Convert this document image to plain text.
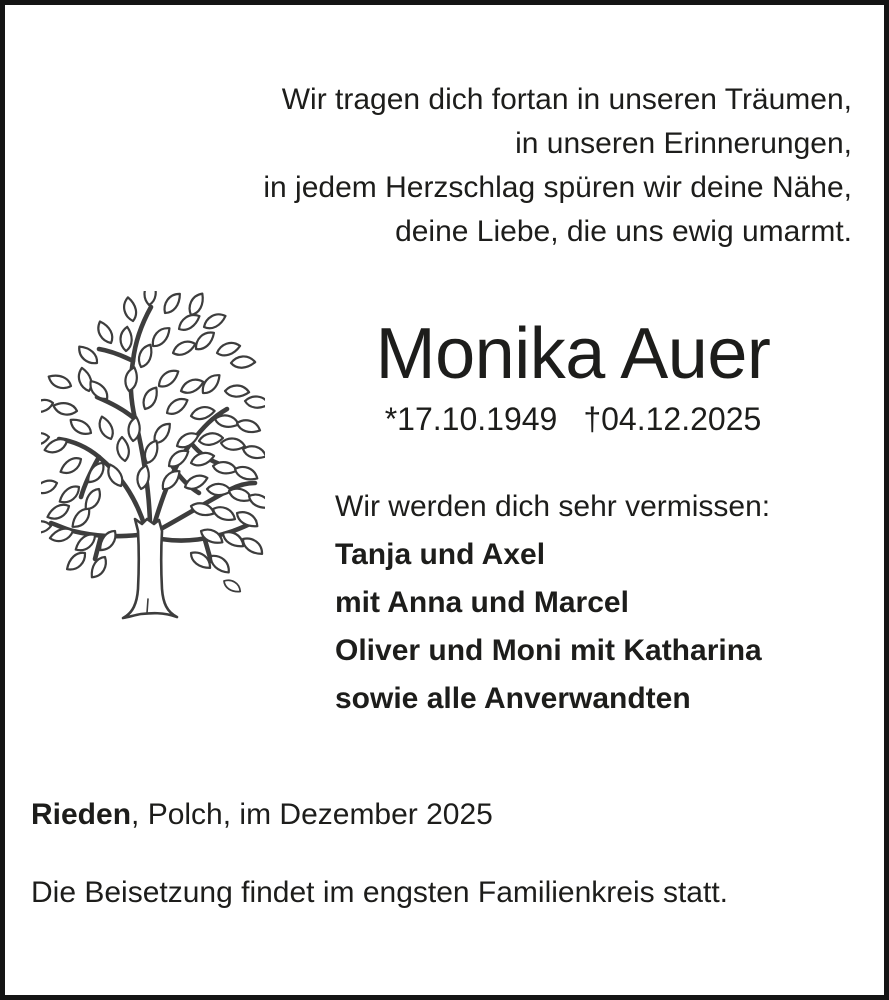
Wir tragen dich fortan in unseren Träumen,
in unseren Erinnerungen,
in jedem Herzschlag spüren wir deine Nähe,
deine Liebe, die uns ewig umarmt.
Monika Auer
*17.10.1949 †04.12.2025
Wir werden dich sehr vermissen:
Tanja und Axel
mit Anna und Marcel
Oliver und Moni mit Katharina
sowie alle Anverwandten
Rieden, Polch, im Dezember 2025
Die Beisetzung findet im engsten Familienkreis statt.
